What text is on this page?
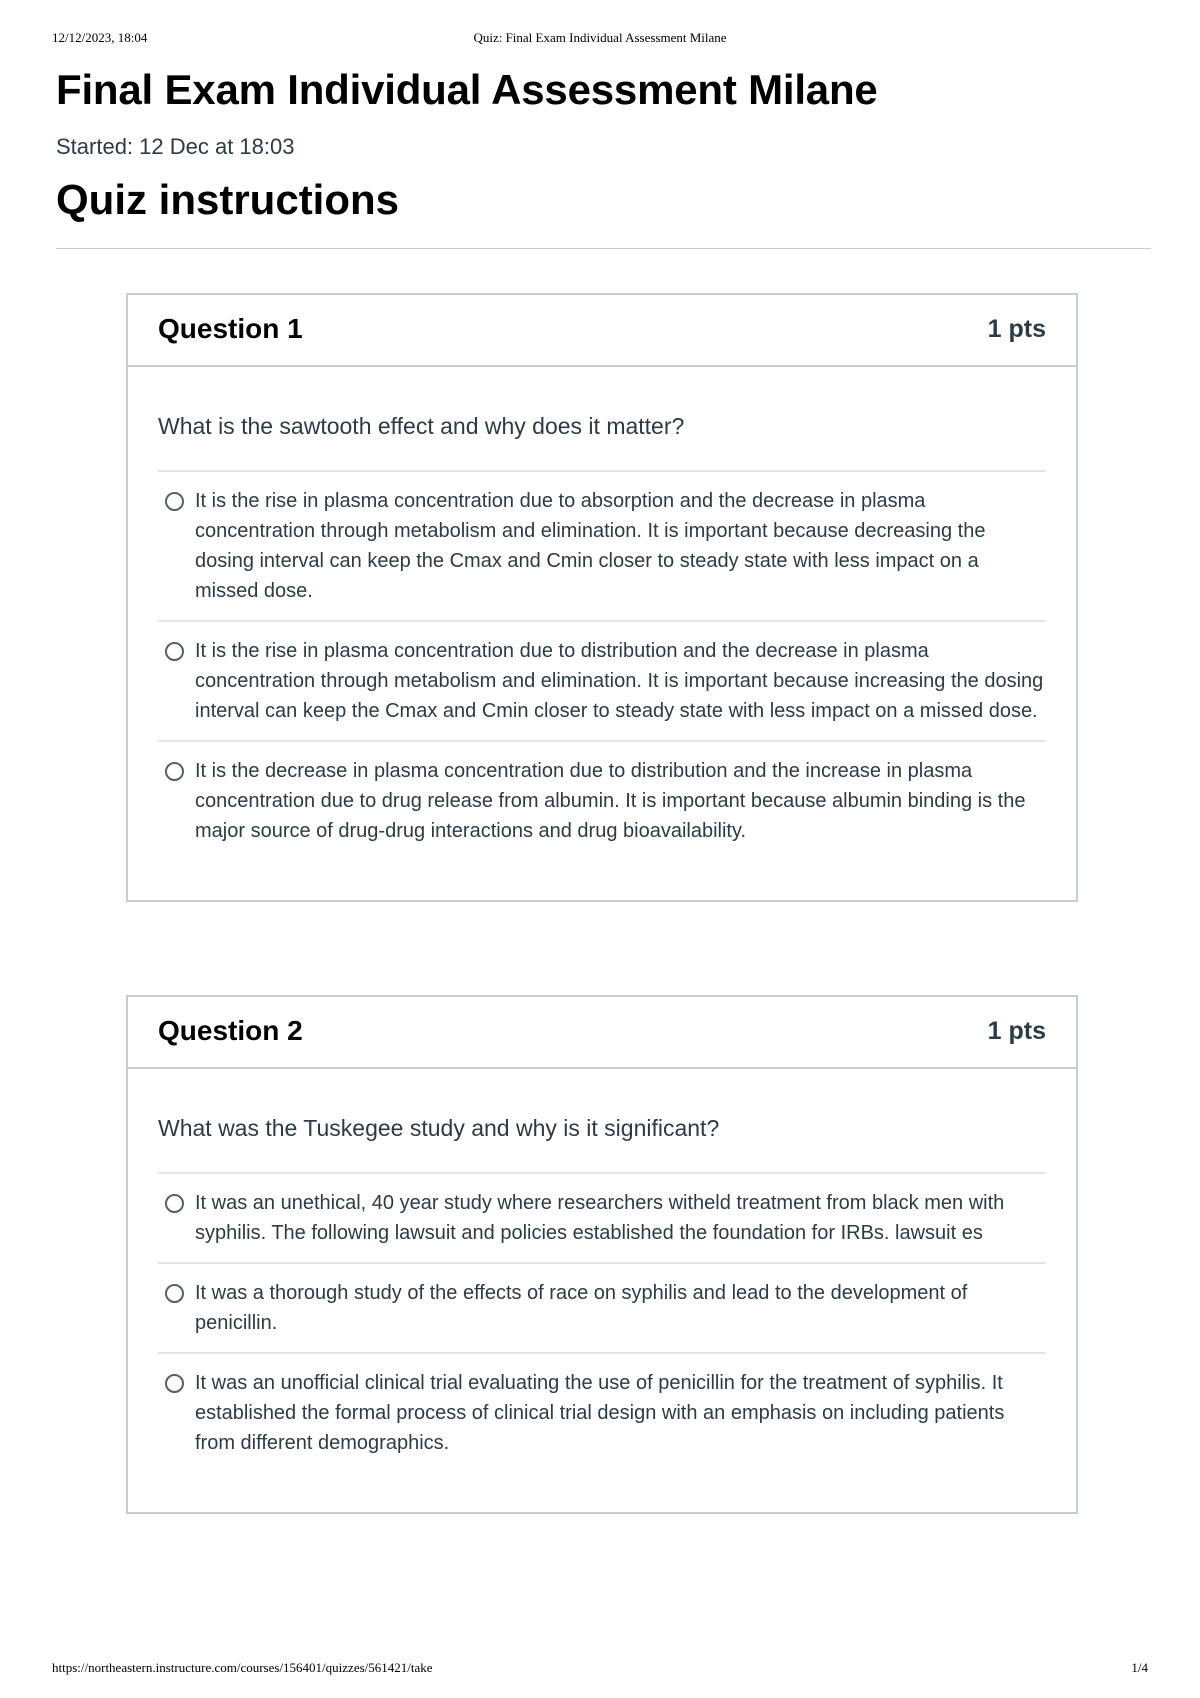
12/12/2023, 18:04	Quiz: Final Exam Individual Assessment Milane
Final Exam Individual Assessment Milane
Started: 12 Dec at 18:03
Quiz instructions
Question 1	1 pts
What is the sawtooth effect and why does it matter?
It is the rise in plasma concentration due to absorption and the decrease in plasma concentration through metabolism and elimination. It is important because decreasing the dosing interval can keep the Cmax and Cmin closer to steady state with less impact on a missed dose.
It is the rise in plasma concentration due to distribution and the decrease in plasma concentration through metabolism and elimination. It is important because increasing the dosing interval can keep the Cmax and Cmin closer to steady state with less impact on a missed dose.
It is the decrease in plasma concentration due to distribution and the increase in plasma concentration due to drug release from albumin. It is important because albumin binding is the major source of drug-drug interactions and drug bioavailability.
Question 2	1 pts
What was the Tuskegee study and why is it significant?
It was an unethical, 40 year study where researchers witheld treatment from black men with syphilis. The following lawsuit and policies established the foundation for IRBs. lawsuit es
It was a thorough study of the effects of race on syphilis and lead to the development of penicillin.
It was an unofficial clinical trial evaluating the use of penicillin for the treatment of syphilis. It established the formal process of clinical trial design with an emphasis on including patients from different demographics.
https://northeastern.instructure.com/courses/156401/quizzes/561421/take	1/4
